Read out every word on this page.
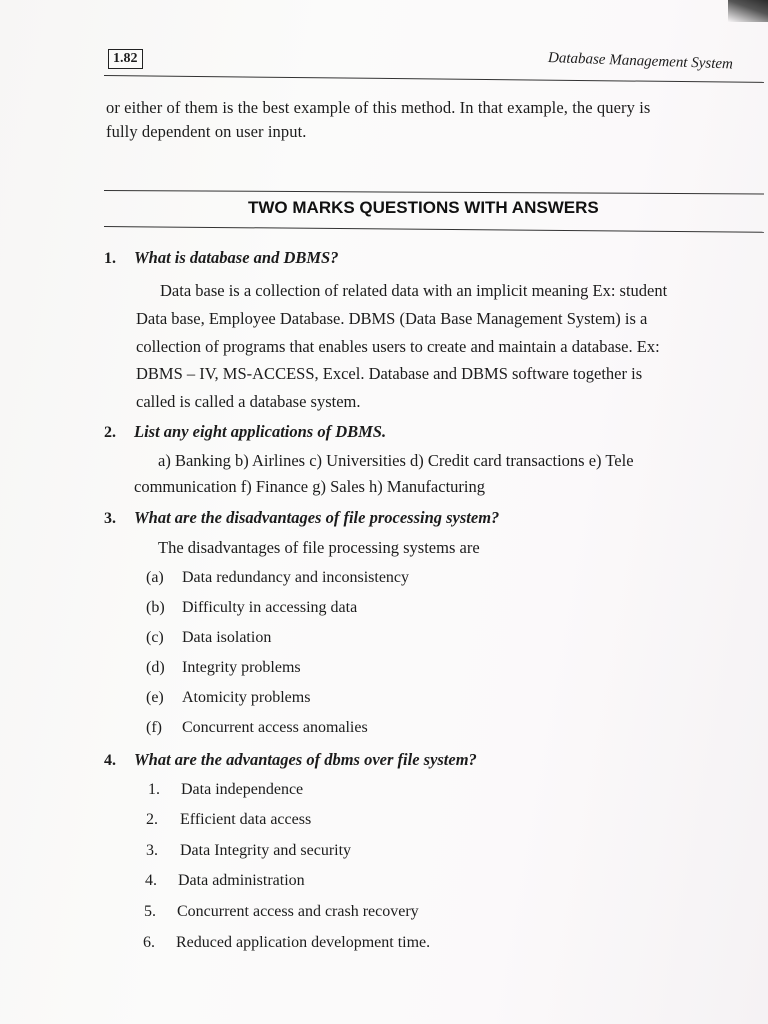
1.82	Database Management System
or either of them is the best example of this method. In that example, the query is
fully dependent on user input.
TWO MARKS QUESTIONS WITH ANSWERS
1. What is database and DBMS?
Data base is a collection of related data with an implicit meaning Ex: student
Data base, Employee Database. DBMS (Data Base Management System) is a
collection of programs that enables users to create and maintain a database. Ex:
DBMS – IV, MS-ACCESS, Excel. Database and DBMS software together is
called is called a database system.
2. List any eight applications of DBMS.
a) Banking b) Airlines c) Universities d) Credit card transactions e) Tele
communication f) Finance g) Sales h) Manufacturing
3. What are the disadvantages of file processing system?
The disadvantages of file processing systems are
(a) Data redundancy and inconsistency
(b) Difficulty in accessing data
(c) Data isolation
(d) Integrity problems
(e) Atomicity problems
(f) Concurrent access anomalies
4. What are the advantages of dbms over file system?
1. Data independence
2. Efficient data access
3. Data Integrity and security
4. Data administration
5. Concurrent access and crash recovery
6. Reduced application development time.
